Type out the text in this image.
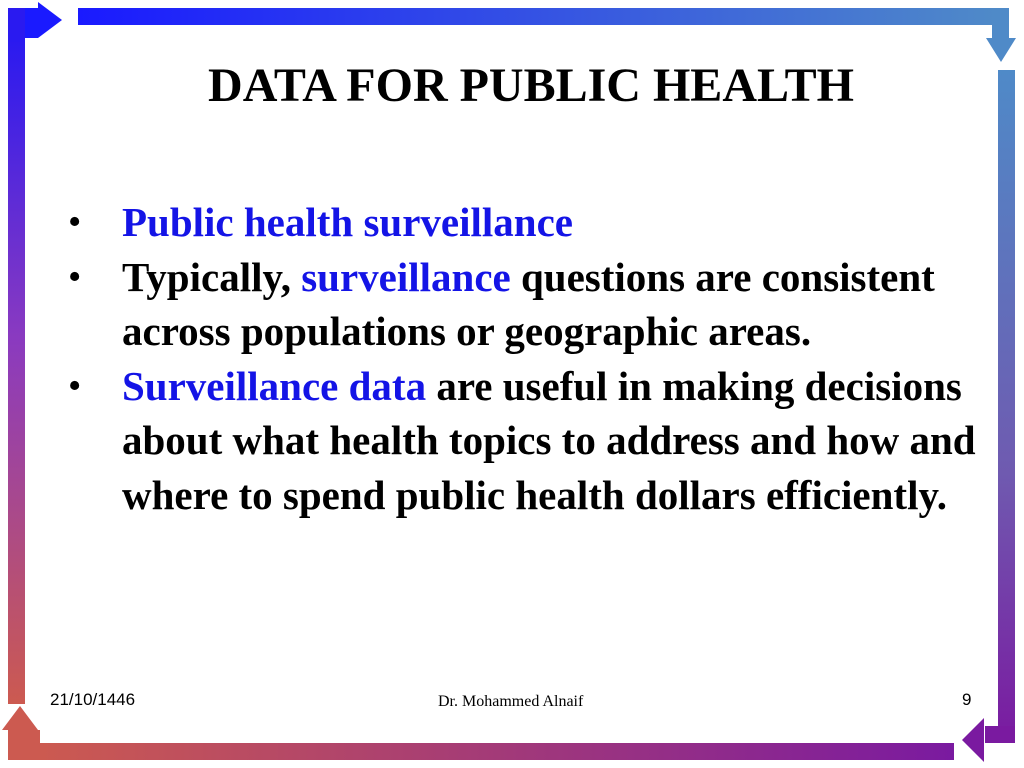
DATA FOR PUBLIC HEALTH
• Public health surveillance
• Typically, surveillance questions are consistent across populations or geographic areas.
• Surveillance data are useful in making decisions about what health topics to address and how and where to spend public health dollars efficiently.
21/10/1446	Dr. Mohammed Alnaif	9
